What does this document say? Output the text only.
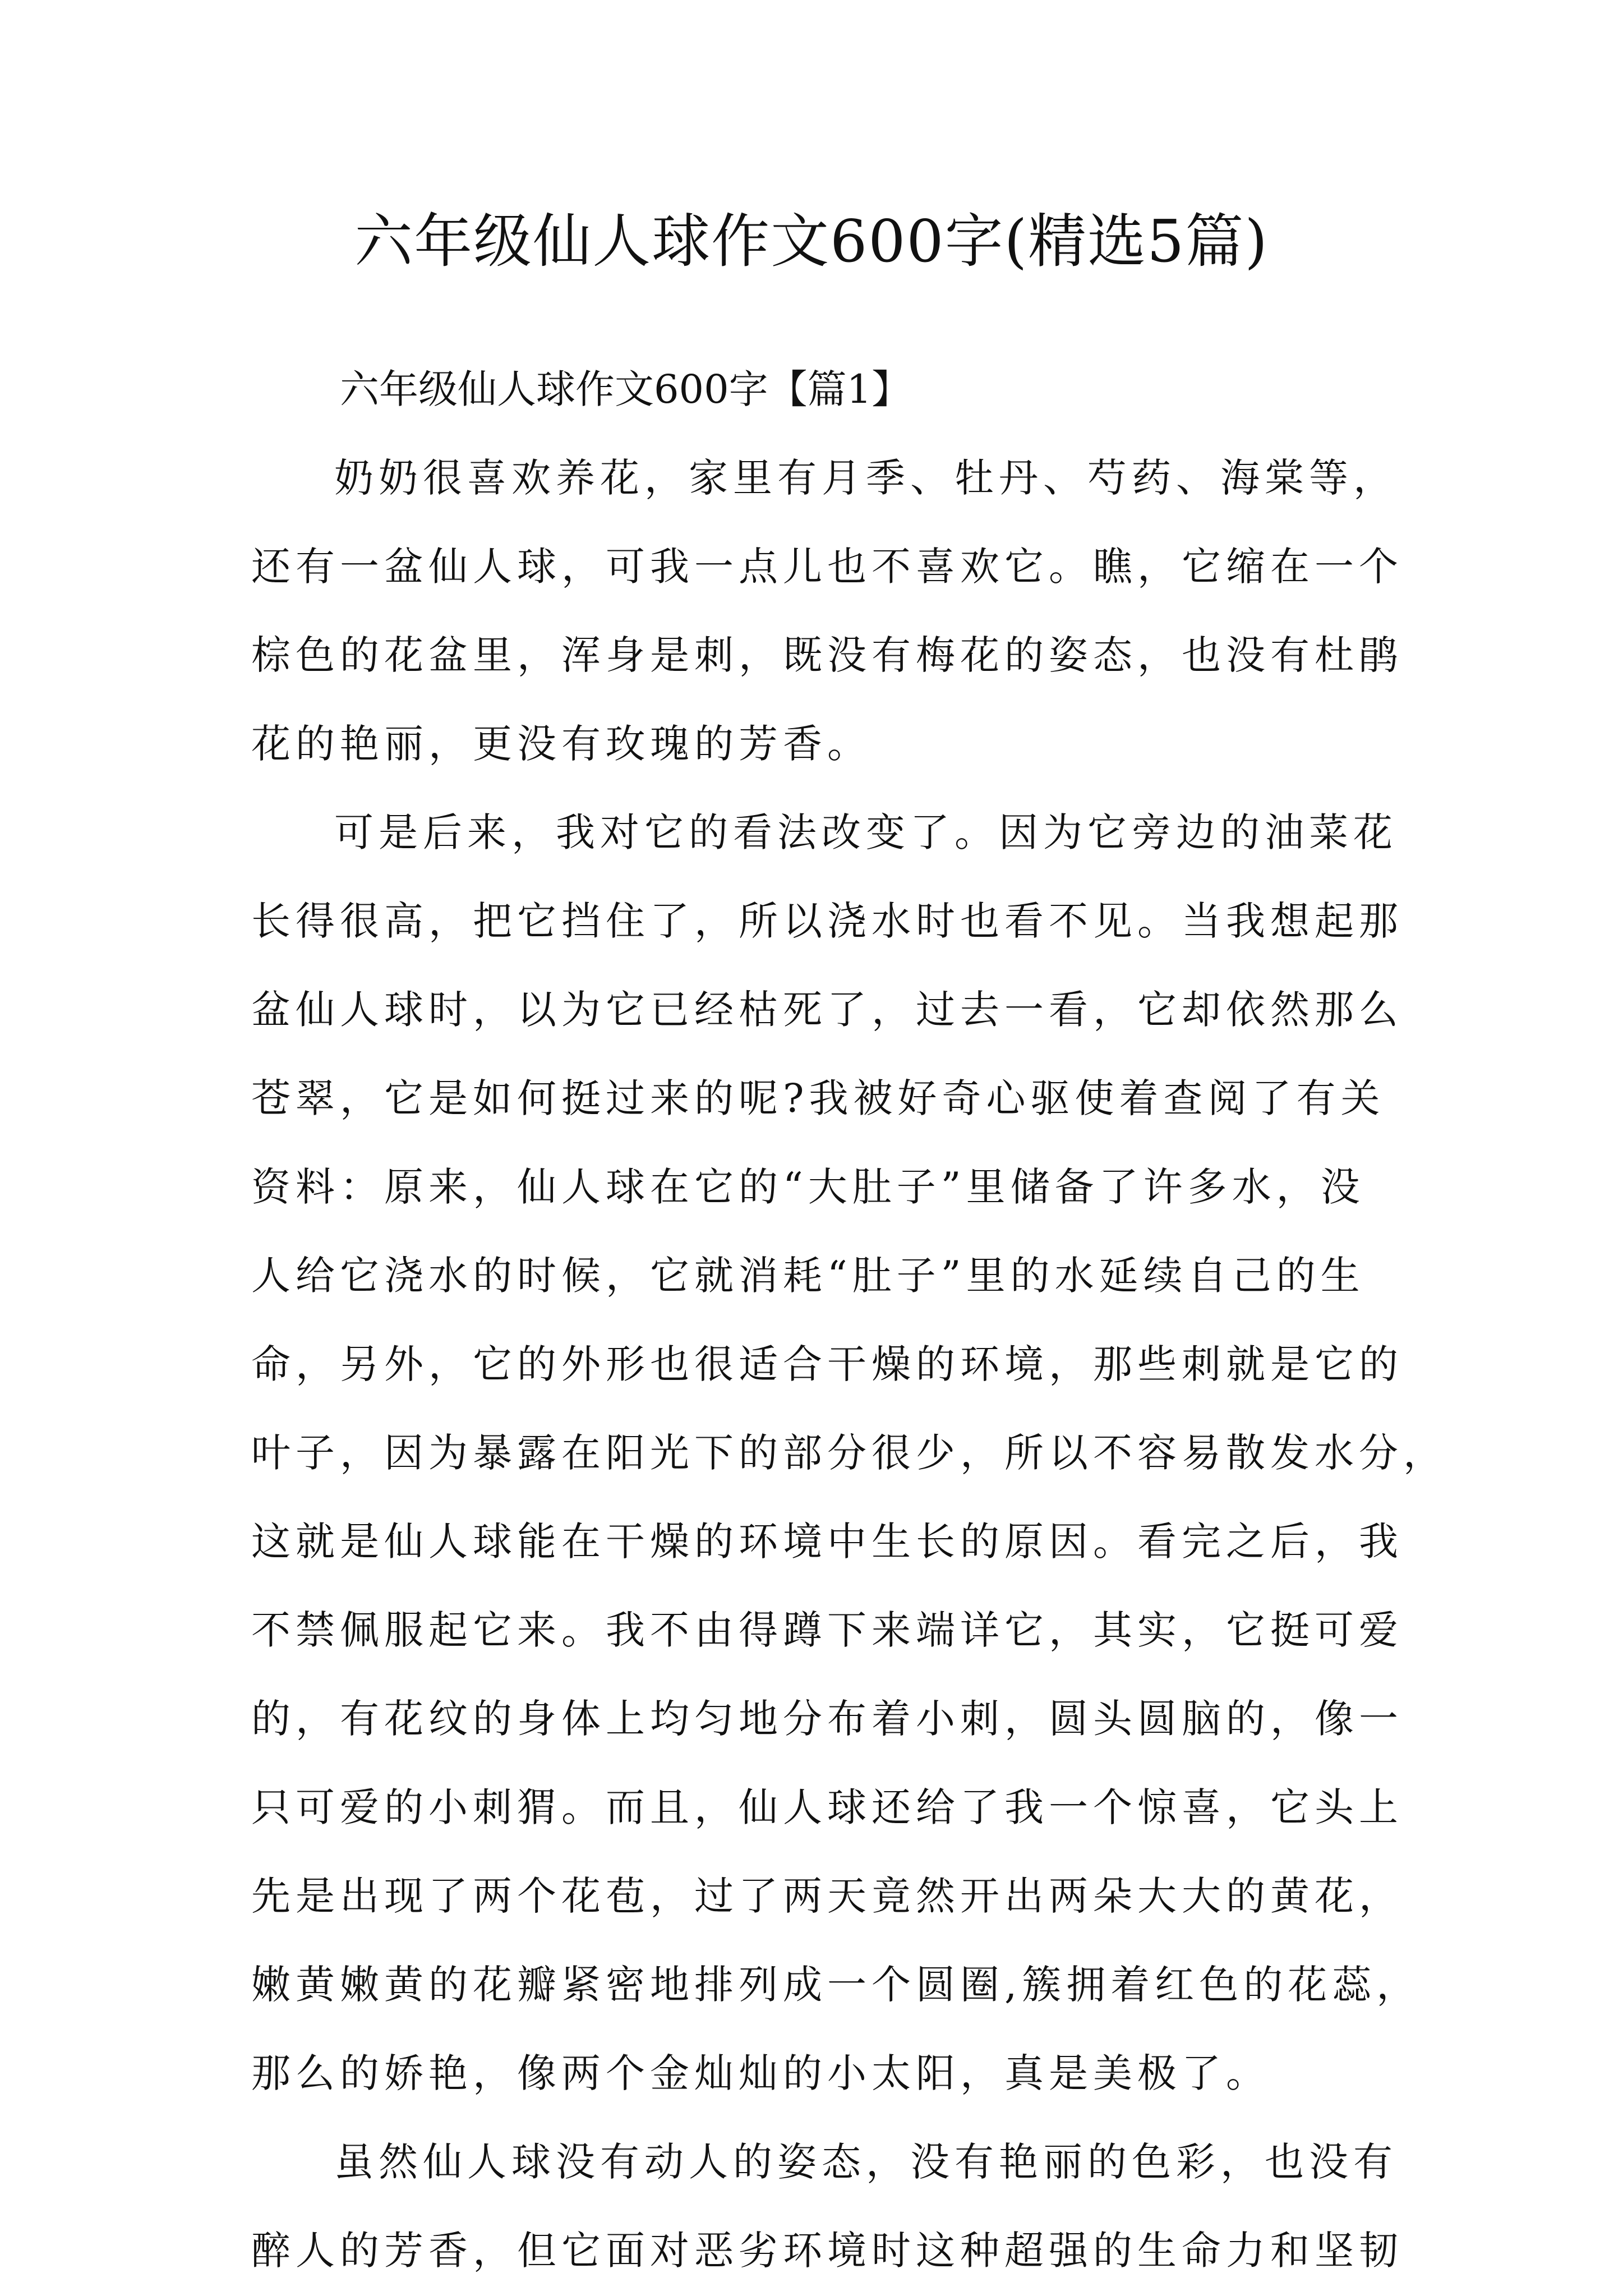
六年级仙人球作文600字(精选5篇)

六年级仙人球作文600字【篇1】

奶奶很喜欢养花，家里有月季、牡丹、芍药、海棠等，
还有一盆仙人球，可我一点儿也不喜欢它。瞧，它缩在一个
棕色的花盆里，浑身是刺，既没有梅花的姿态，也没有杜鹃
花的艳丽，更没有玫瑰的芳香。

可是后来，我对它的看法改变了。因为它旁边的油菜花
长得很高，把它挡住了，所以浇水时也看不见。当我想起那
盆仙人球时，以为它已经枯死了，过去一看，它却依然那么
苍翠，它是如何挺过来的呢?我被好奇心驱使着查阅了有关
资料：原来，仙人球在它的“大肚子”里储备了许多水，没
人给它浇水的时候，它就消耗“肚子”里的水延续自己的生
命，另外，它的外形也很适合干燥的环境，那些刺就是它的
叶子，因为暴露在阳光下的部分很少，所以不容易散发水分，
这就是仙人球能在干燥的环境中生长的原因。看完之后，我
不禁佩服起它来。我不由得蹲下来端详它，其实，它挺可爱
的，有花纹的身体上均匀地分布着小刺，圆头圆脑的，像一
只可爱的小刺猬。而且，仙人球还给了我一个惊喜，它头上
先是出现了两个花苞，过了两天竟然开出两朵大大的黄花，
嫩黄嫩黄的花瓣紧密地排列成一个圆圈,簇拥着红色的花蕊，
那么的娇艳，像两个金灿灿的小太阳，真是美极了。

虽然仙人球没有动人的姿态，没有艳丽的色彩，也没有
醉人的芳香，但它面对恶劣环境时这种超强的生命力和坚韧
